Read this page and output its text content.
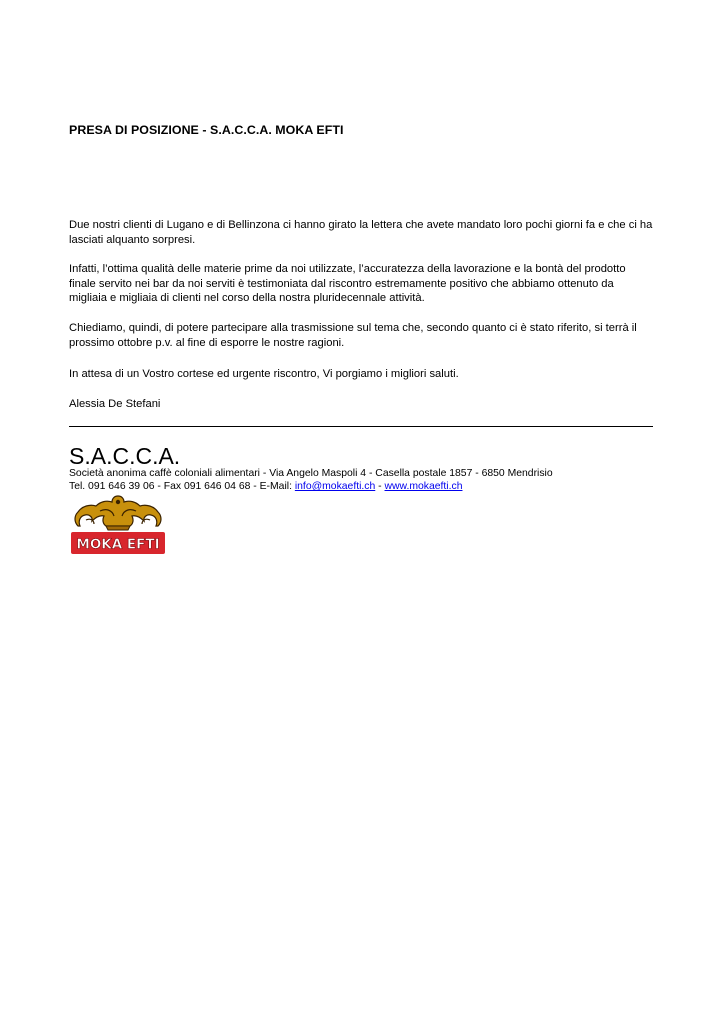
PRESA DI POSIZIONE - S.A.C.C.A. MOKA EFTI

Due nostri clienti di Lugano e di Bellinzona ci hanno girato la lettera che avete mandato loro pochi giorni fa e che ci ha lasciati alquanto sorpresi.

Infatti, l’ottima qualità delle materie prime da noi utilizzate, l’accuratezza della lavorazione e la bontà del prodotto finale servito nei bar da noi serviti è testimoniata dal riscontro estremamente positivo che abbiamo ottenuto da migliaia e migliaia di clienti nel corso della nostra pluridecennale attività.

Chiediamo, quindi, di potere partecipare alla trasmissione sul tema che, secondo quanto ci è stato riferito, si terrà il prossimo ottobre p.v. al fine di esporre le nostre ragioni.

In attesa di un Vostro cortese ed urgente riscontro, Vi porgiamo i migliori saluti.

Alessia De Stefani

S.A.C.C.A.
Società anonima caffè coloniali alimentari - Via Angelo Maspoli 4 - Casella postale 1857 - 6850 Mendrisio
Tel. 091 646 39 06 - Fax 091 646 04 68 - E-Mail: info@mokaefti.ch - www.mokaefti.ch
MOKA EFTI
